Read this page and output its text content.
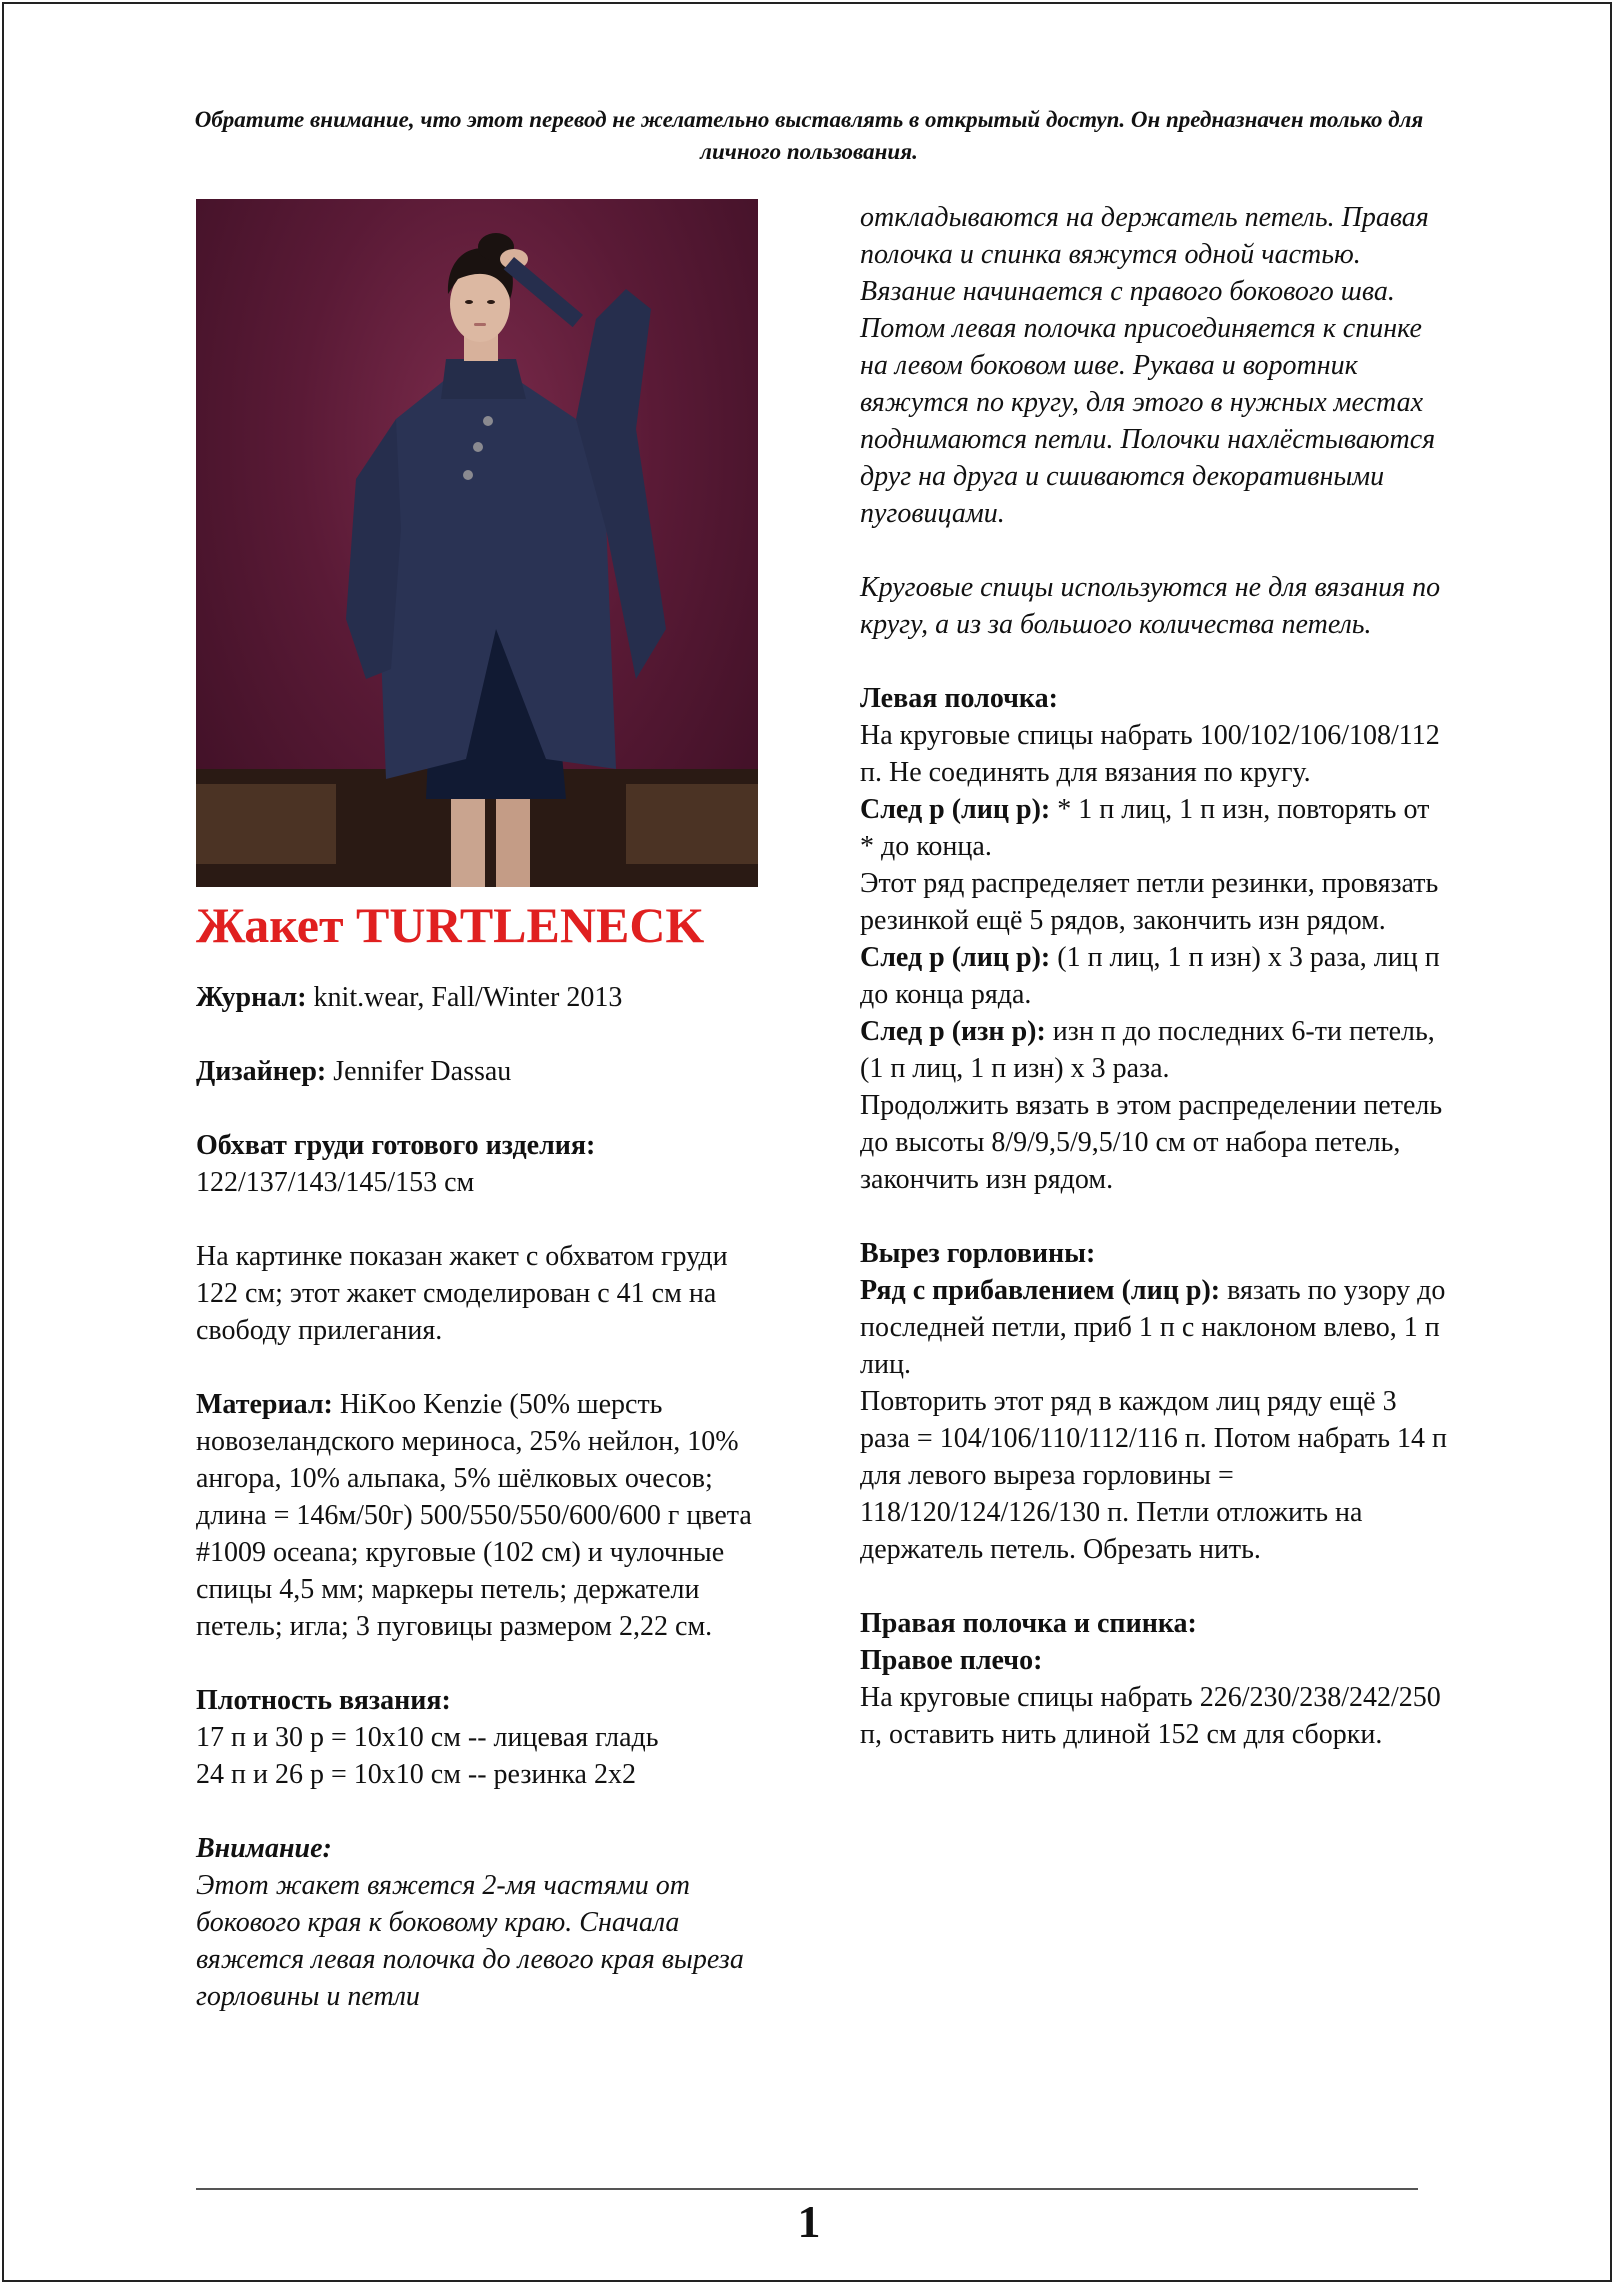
Обратите внимание, что этот перевод не желательно выставлять в открытый доступ. Он предназначен только для личного пользования.
Жакет TURTLENECK

Журнал: knit.wear, Fall/Winter 2013

Дизайнер: Jennifer Dassau

Обхват груди готового изделия:

122/137/143/145/153 см

На картинке показан жакет с обхватом груди 122 см; этот жакет смоделирован с 41 см на свободу прилегания.

Материал: HiKoo Kenzie (50% шерсть новозеландского мериноса, 25% нейлон, 10% ангора, 10% альпака, 5% шёлковых очесов; длина = 146м/50г) 500/550/550/600/600 г цвета #1009 oceana; круговые (102 см) и чулочные спицы 4,5 мм; маркеры петель; держатели петель; игла; 3 пуговицы размером 2,22 см.

Плотность вязания:

17 п и 30 р = 10x10 см -- лицевая гладь

24 п и 26 р = 10x10 см -- резинка 2x2

Внимание:

Этот жакет вяжется 2-мя частями от бокового края к боковому краю. Сначала вяжется левая полочка до левого края выреза горловины и петли

откладываются на держатель петель. Правая полочка и спинка вяжутся одной частью. Вязание начинается с правого бокового шва. Потом левая полочка присоединяется к спинке на левом боковом шве. Рукава и воротник вяжутся по кругу, для этого в нужных местах поднимаются петли. Полочки нахлёстываются друг на друга и сшиваются декоративными пуговицами.

Круговые спицы используются не для вязания по кругу, а из за большого количества петель.

Левая полочка:

На круговые спицы набрать 100/102/106/108/112 п. Не соединять для вязания по кругу.

След р (лиц р): * 1 п лиц, 1 п изн, повторять от * до конца.

Этот ряд распределяет петли резинки, провязать резинкой ещё 5 рядов, закончить изн рядом.

След р (лиц р): (1 п лиц, 1 п изн) x 3 раза, лиц п до конца ряда.

След р (изн р): изн п до последних 6-ти петель, (1 п лиц, 1 п изн) x 3 раза.

Продолжить вязать в этом распределении петель до высоты 8/9/9,5/9,5/10 см от набора петель, закончить изн рядом.

Вырез горловины:

Ряд с прибавлением (лиц р): вязать по узору до последней петли, приб 1 п с наклоном влево, 1 п лиц.

Повторить этот ряд в каждом лиц ряду ещё 3 раза = 104/106/110/112/116 п. Потом набрать 14 п для левого выреза горловины = 118/120/124/126/130 п. Петли отложить на держатель петель. Обрезать нить.

Правая полочка и спинка:

Правое плечо:

На круговые спицы набрать 226/230/238/242/250 п, оставить нить длиной 152 см для сборки.

1
